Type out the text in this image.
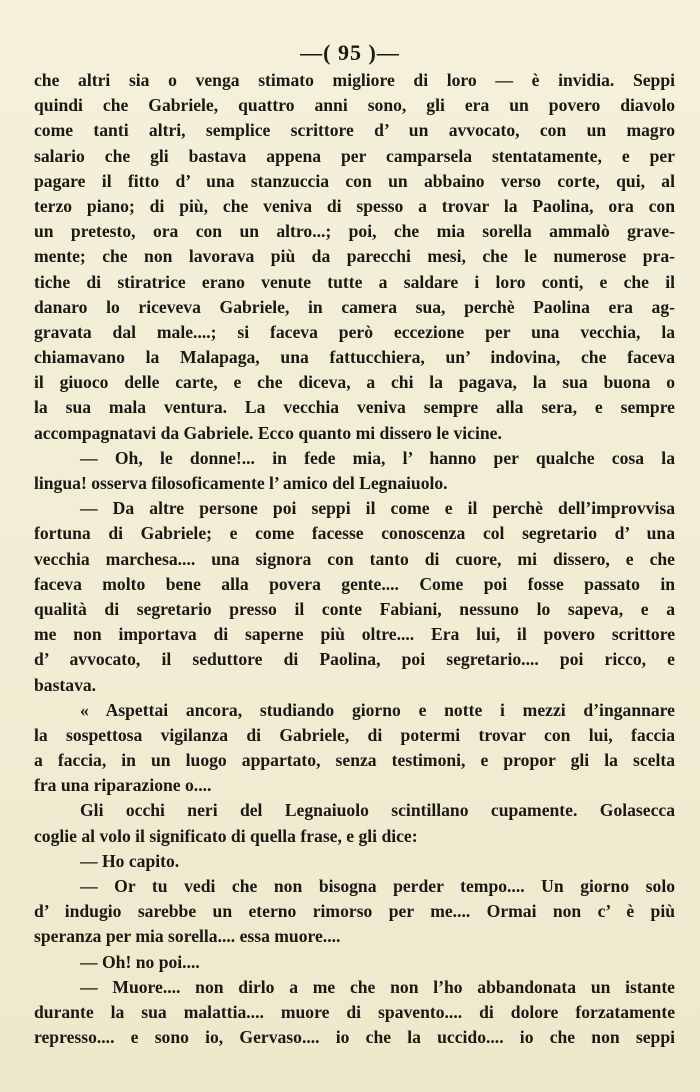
—( 95 )—
che altri sia o venga stimato migliore di loro — è invidia. Seppi
quindi che Gabriele, quattro anni sono, gli era un povero diavolo
come tanti altri, semplice scrittore d’ un avvocato, con un magro
salario che gli bastava appena per camparsela stentatamente, e per
pagare il fitto d’ una stanzuccia con un abbaino verso corte, qui, al
terzo piano; di più, che veniva di spesso a trovar la Paolina, ora con
un pretesto, ora con un altro...; poi, che mia sorella ammalò grave-
mente; che non lavorava più da parecchi mesi, che le numerose pra-
tiche di stiratrice erano venute tutte a saldare i loro conti, e che il
danaro lo riceveva Gabriele, in camera sua, perchè Paolina era ag-
gravata dal male....; si faceva però eccezione per una vecchia, la
chiamavano la Malapaga, una fattucchiera, un’ indovina, che faceva
il giuoco delle carte, e che diceva, a chi la pagava, la sua buona o
la sua mala ventura. La vecchia veniva sempre alla sera, e sempre
accompagnatavi da Gabriele. Ecco quanto mi dissero le vicine.
— Oh, le donne!... in fede mia, l’ hanno per qualche cosa la
lingua! osserva filosoficamente l’ amico del Legnaiuolo.
— Da altre persone poi seppi il come e il perchè dell’improvvisa
fortuna di Gabriele; e come facesse conoscenza col segretario d’ una
vecchia marchesa.... una signora con tanto di cuore, mi dissero, e che
faceva molto bene alla povera gente.... Come poi fosse passato in
qualità di segretario presso il conte Fabiani, nessuno lo sapeva, e a
me non importava di saperne più oltre.... Era lui, il povero scrittore
d’ avvocato, il seduttore di Paolina, poi segretario.... poi ricco, e
bastava.
« Aspettai ancora, studiando giorno e notte i mezzi d’ingannare
la sospettosa vigilanza di Gabriele, di potermi trovar con lui, faccia
a faccia, in un luogo appartato, senza testimoni, e propor gli la scelta
fra una riparazione o....
Gli occhi neri del Legnaiuolo scintillano cupamente. Golasecca
coglie al volo il significato di quella frase, e gli dice:
— Ho capito.
— Or tu vedi che non bisogna perder tempo.... Un giorno solo
d’ indugio sarebbe un eterno rimorso per me.... Ormai non c’ è più
speranza per mia sorella.... essa muore....
— Oh! no poi....
— Muore.... non dirlo a me che non l’ho abbandonata un istante
durante la sua malattia.... muore di spavento.... di dolore forzatamente
represso.... e sono io, Gervaso.... io che la uccido.... io che non seppi
